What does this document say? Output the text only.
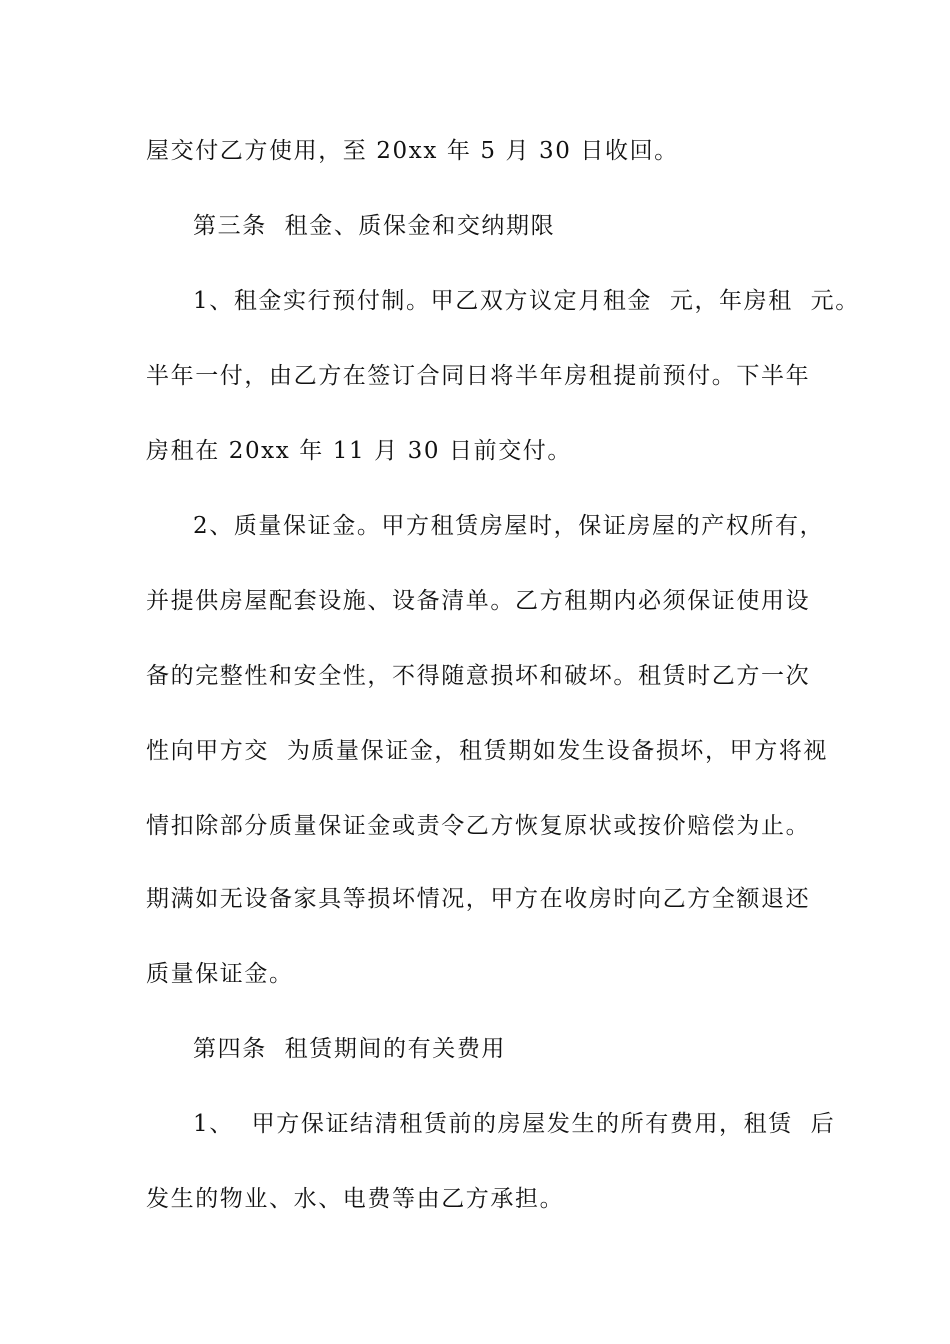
屋交付乙方使用，至 20xx 年 5 月 30 日收回。
第三条  租金、质保金和交纳期限
1、租金实行预付制。甲乙双方议定月租金  元，年房租  元。
半年一付，由乙方在签订合同日将半年房租提前预付。下半年
房租在 20xx 年 11 月 30 日前交付。
2、质量保证金。甲方租赁房屋时，保证房屋的产权所有，
并提供房屋配套设施、设备清单。乙方租期内必须保证使用设
备的完整性和安全性，不得随意损坏和破坏。租赁时乙方一次
性向甲方交  为质量保证金，租赁期如发生设备损坏，甲方将视
情扣除部分质量保证金或责令乙方恢复原状或按价赔偿为止。
期满如无设备家具等损坏情况，甲方在收房时向乙方全额退还
质量保证金。
第四条  租赁期间的有关费用
1、  甲方保证结清租赁前的房屋发生的所有费用，租赁  后
发生的物业、水、电费等由乙方承担。
